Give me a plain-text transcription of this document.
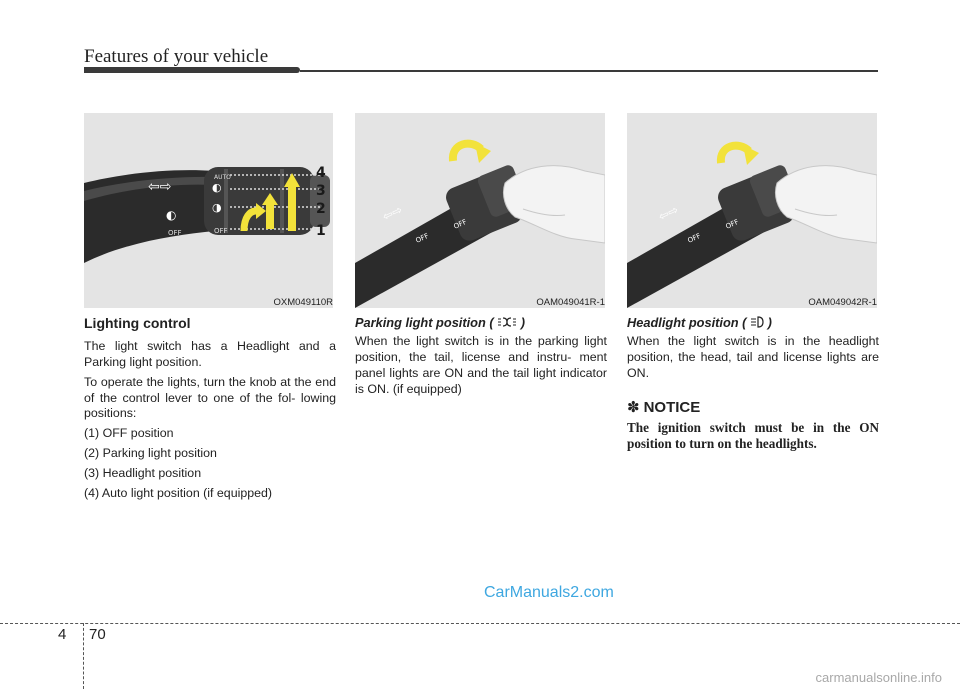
Features of your vehicle
⇦⇨
◐
◑
◐
4
3
2
1
AUTO
OFF	OFF
OXM049110R
⇦⇨
OFF
OFF
OAM049041R-1
⇦⇨
OFF
OFF
OAM049042R-1
Lighting control

The light switch has a Headlight and a Parking light position.

To operate the lights, turn the knob at the end of the control lever to one of the fol- lowing positions:

(1) OFF position
(2) Parking light position
(3) Headlight position
(4) Auto light position (if equipped)
Parking light position ( )

When the light switch is in the parking light position, the tail, license and instru- ment panel lights are ON and the tail light indicator is ON. (if equipped)

Headlight position ( )

When the light switch is in the headlight position, the head, tail and license lights are ON.

✽ NOTICE

The ignition switch must be in the ON position to turn on the headlights.

CarManuals2.com
4 70
carmanualsonline.info
